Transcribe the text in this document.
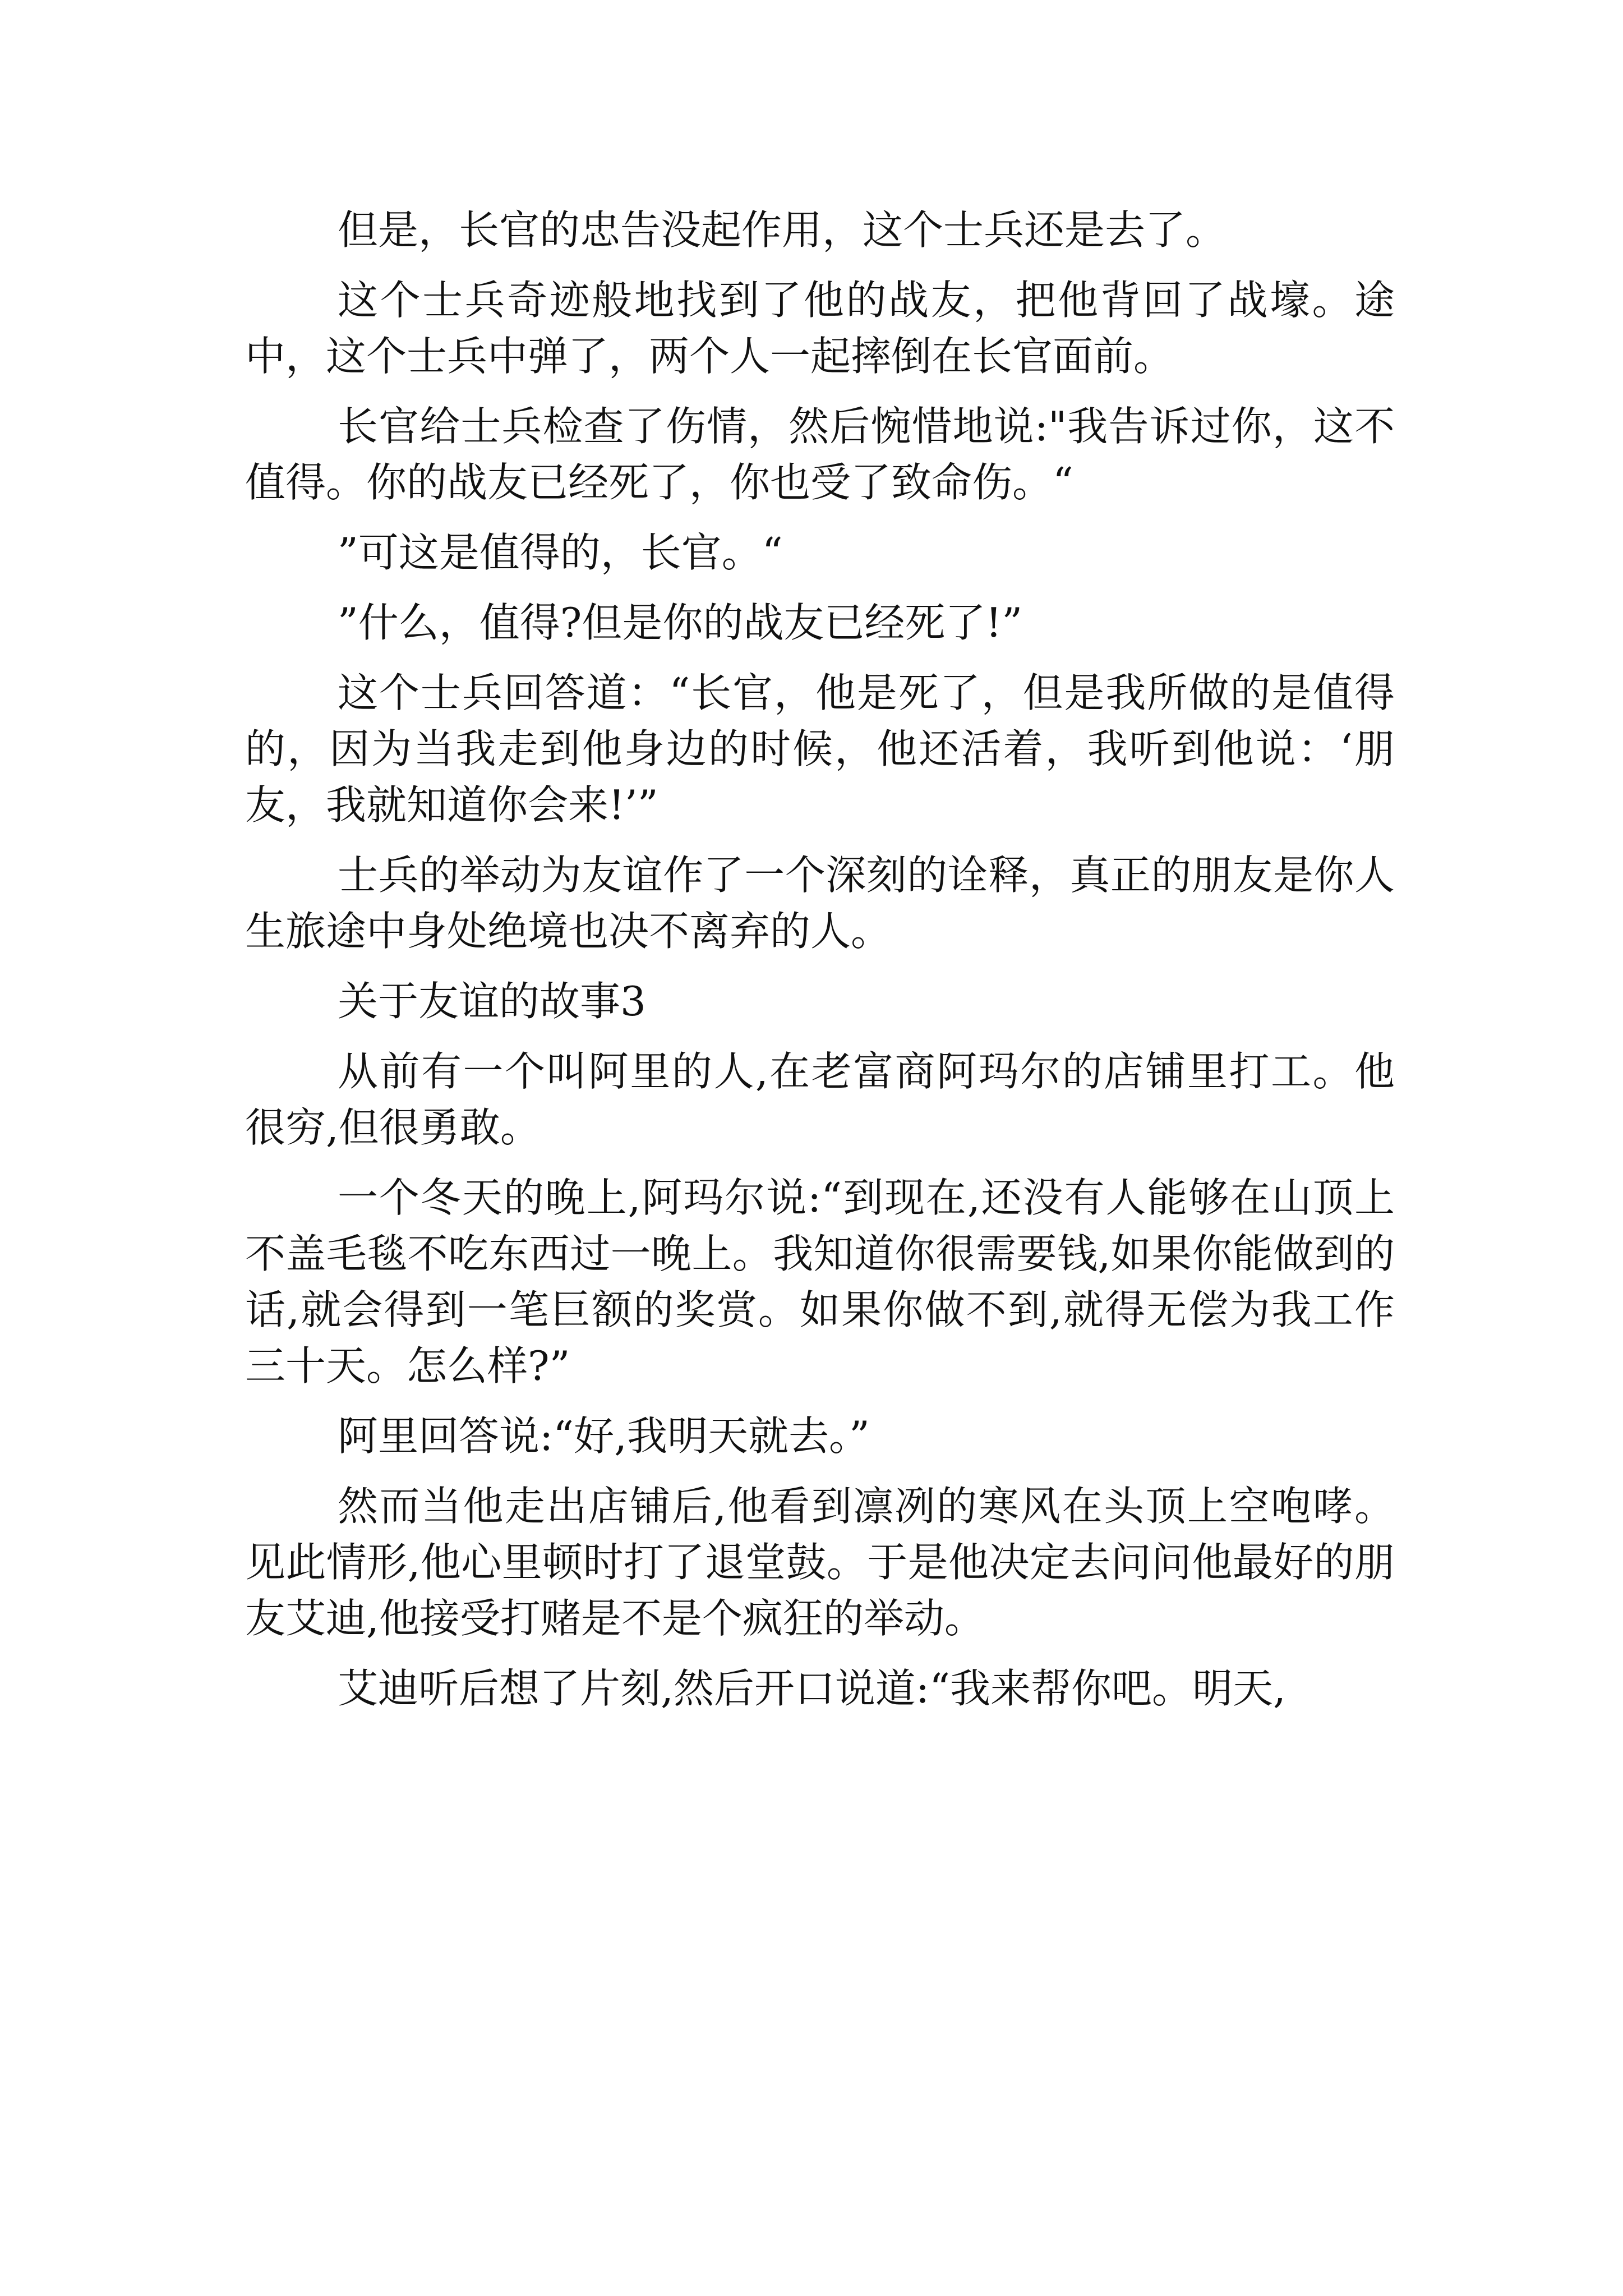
但是，长官的忠告没起作用，这个士兵还是去了。

这个士兵奇迹般地找到了他的战友，把他背回了战壕。途中，这个士兵中弹了，两个人一起摔倒在长官面前。

长官给士兵检查了伤情，然后惋惜地说:"我告诉过你，这不值得。你的战友已经死了，你也受了致命伤。“

”可这是值得的，长官。“

”什么，值得?但是你的战友已经死了!”

这个士兵回答道：“长官，他是死了，但是我所做的是值得的，因为当我走到他身边的时候，他还活着，我听到他说：‘朋友，我就知道你会来!’”

士兵的举动为友谊作了一个深刻的诠释，真正的朋友是你人生旅途中身处绝境也决不离弃的人。

关于友谊的故事3

从前有一个叫阿里的人,在老富商阿玛尔的店铺里打工。他很穷,但很勇敢。

一个冬天的晚上,阿玛尔说:“到现在,还没有人能够在山顶上不盖毛毯不吃东西过一晚上。我知道你很需要钱,如果你能做到的话,就会得到一笔巨额的奖赏。如果你做不到,就得无偿为我工作三十天。怎么样?”

阿里回答说:“好,我明天就去。”

然而当他走出店铺后,他看到凛冽的寒风在头顶上空咆哮。见此情形,他心里顿时打了退堂鼓。于是他决定去问问他最好的朋友艾迪,他接受打赌是不是个疯狂的举动。

艾迪听后想了片刻,然后开口说道:“我来帮你吧。明天,
